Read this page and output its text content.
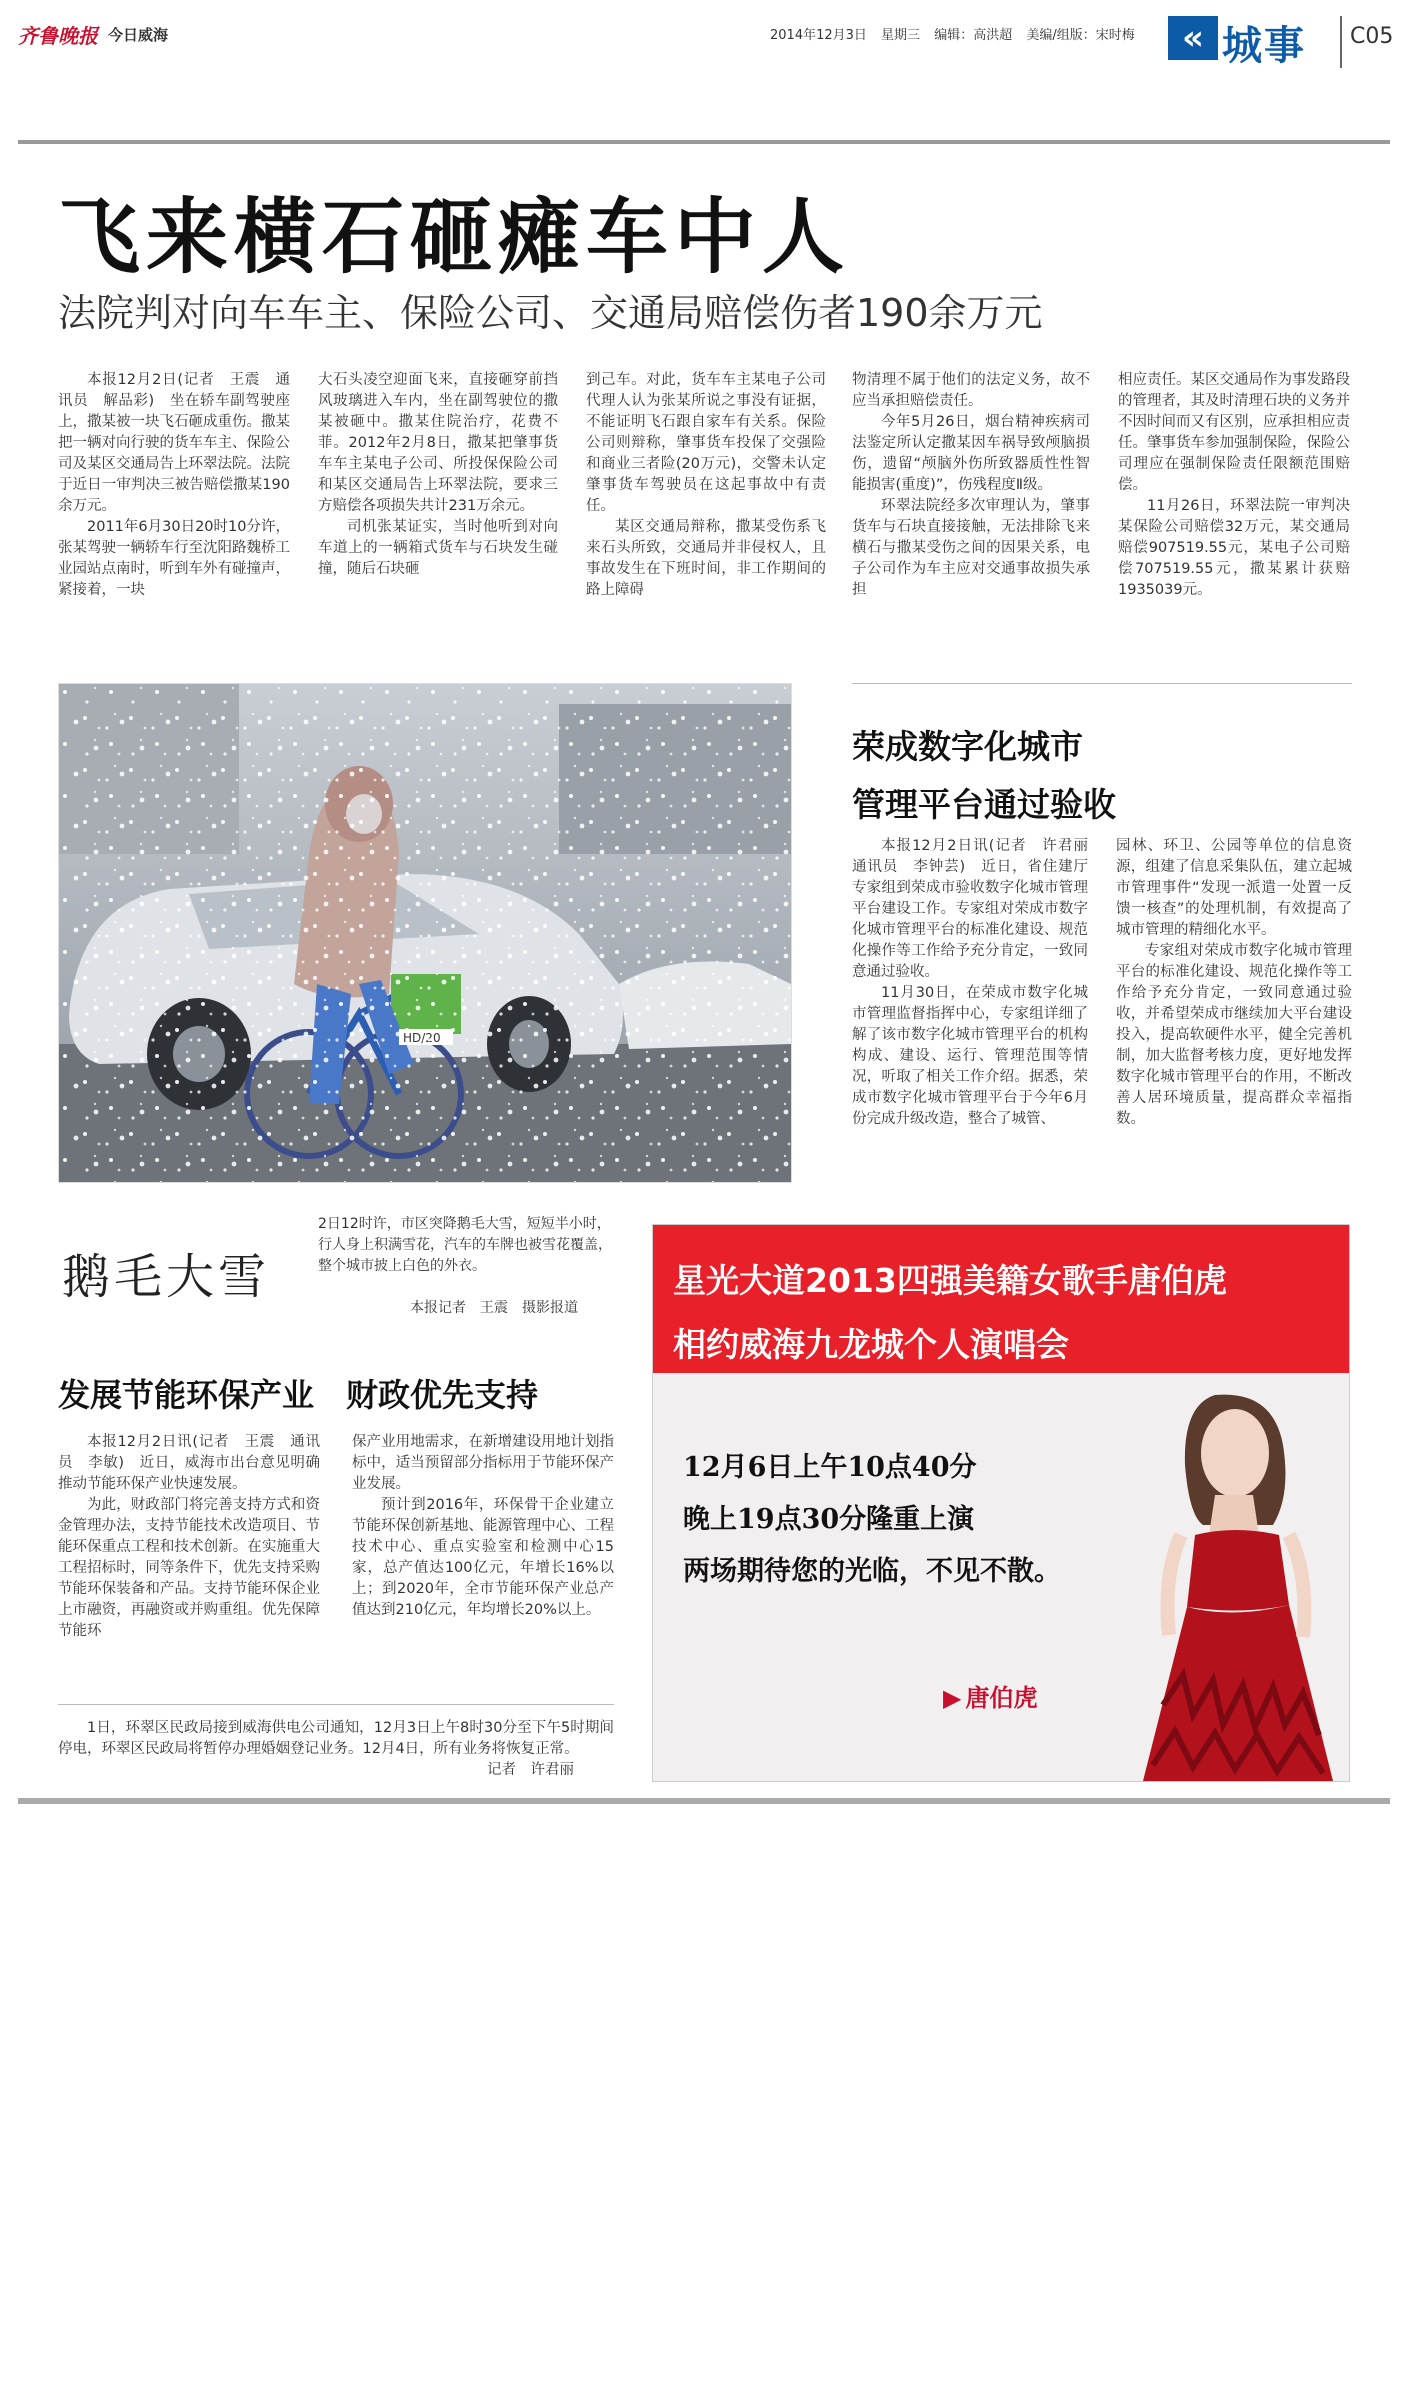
齐鲁晚报 今日威海	2014年12月3日 星期三 编辑：高洪超 美编/组版：宋时梅	« 城事 C05
飞来横石砸瘫车中人
法院判对向车车主、保险公司、交通局赔偿伤者190余万元

本报12月2日(记者　王震　通讯员　解品彩)　坐在轿车副驾驶座上，撒某被一块飞石砸成重伤。撒某把一辆对向行驶的货车车主、保险公司及某区交通局告上环翠法院。法院于近日一审判决三被告赔偿撒某190余万元。

2011年6月30日20时10分许，张某驾驶一辆轿车行至沈阳路魏桥工业园站点南时，听到车外有碰撞声，紧接着，一块

大石头凌空迎面飞来，直接砸穿前挡风玻璃进入车内，坐在副驾驶位的撒某被砸中。撒某住院治疗，花费不菲。2012年2月8日，撒某把肇事货车车主某电子公司、所投保保险公司和某区交通局告上环翠法院，要求三方赔偿各项损失共计231万余元。

司机张某证实，当时他听到对向车道上的一辆箱式货车与石块发生碰撞，随后石块砸

到己车。对此，货车车主某电子公司代理人认为张某所说之事没有证据，不能证明飞石跟自家车有关系。保险公司则辩称，肇事货车投保了交强险和商业三者险(20万元)，交警未认定肇事货车驾驶员在这起事故中有责任。

某区交通局辩称，撒某受伤系飞来石头所致，交通局并非侵权人，且事故发生在下班时间，非工作期间的路上障碍

物清理不属于他们的法定义务，故不应当承担赔偿责任。

今年5月26日，烟台精神疾病司法鉴定所认定撒某因车祸导致颅脑损伤，遗留“颅脑外伤所致器质性性智能损害(重度)”，伤残程度Ⅱ级。

环翠法院经多次审理认为，肇事货车与石块直接接触，无法排除飞来横石与撒某受伤之间的因果关系，电子公司作为车主应对交通事故损失承担

相应责任。某区交通局作为事发路段的管理者，其及时清理石块的义务并不因时间而又有区别，应承担相应责任。肇事货车参加强制保险，保险公司理应在强制保险责任限额范围赔偿。

11月26日，环翠法院一审判决某保险公司赔偿32万元，某交通局赔偿907519.55元，某电子公司赔偿707519.55元，撒某累计获赔1935039元。

荣成数字化城市
管理平台通过验收

本报12月2日讯(记者　许君丽　通讯员　李钟芸)　近日，省住建厅专家组到荣成市验收数字化城市管理平台建设工作。专家组对荣成市数字化城市管理平台的标准化建设、规范化操作等工作给予充分肯定，一致同意通过验收。

11月30日，在荣成市数字化城市管理监督指挥中心，专家组详细了解了该市数字化城市管理平台的机构构成、建设、运行、管理范围等情况，听取了相关工作介绍。据悉，荣成市数字化城市管理平台于今年6月份完成升级改造，整合了城管、

园林、环卫、公园等单位的信息资源，组建了信息采集队伍，建立起城市管理事件“发现一派遣一处置一反馈一核查”的处理机制，有效提高了城市管理的精细化水平。

专家组对荣成市数字化城市管理平台的标准化建设、规范化操作等工作给予充分肯定，一致同意通过验收，并希望荣成市继续加大平台建设投入，提高软硬件水平，健全完善机制，加大监督考核力度，更好地发挥数字化城市管理平台的作用，不断改善人居环境质量，提高群众幸福指数。

鹅毛大雪
2日12时许，市区突降鹅毛大雪，短短半小时，行人身上积满雪花，汽车的车牌也被雪花覆盖，整个城市披上白色的外衣。
本报记者　王震　摄影报道
发展节能环保产业　财政优先支持

本报12月2日讯(记者　王震　通讯员　李敏)　近日，威海市出台意见明确推动节能环保产业快速发展。

为此，财政部门将完善支持方式和资金管理办法，支持节能技术改造项目、节能环保重点工程和技术创新。在实施重大工程招标时，同等条件下，优先支持采购节能环保装备和产品。支持节能环保企业上市融资，再融资或并购重组。优先保障节能环

保产业用地需求，在新增建设用地计划指标中，适当预留部分指标用于节能环保产业发展。

预计到2016年，环保骨干企业建立节能环保创新基地、能源管理中心、工程技术中心、重点实验室和检测中心15家，总产值达100亿元，年增长16%以上；到2020年，全市节能环保产业总产值达到210亿元，年均增长20%以上。

1日，环翠区民政局接到威海供电公司通知，12月3日上午8时30分至下午5时期间停电，环翠区民政局将暂停办理婚姻登记业务。12月4日，所有业务将恢复正常。

记者　许君丽
星光大道2013四强美籍女歌手唐伯虎
相约威海九龙城个人演唱会
12月6日上午10点40分
晚上19点30分隆重上演
两场期待您的光临，不见不散。
▶ 唐伯虎
